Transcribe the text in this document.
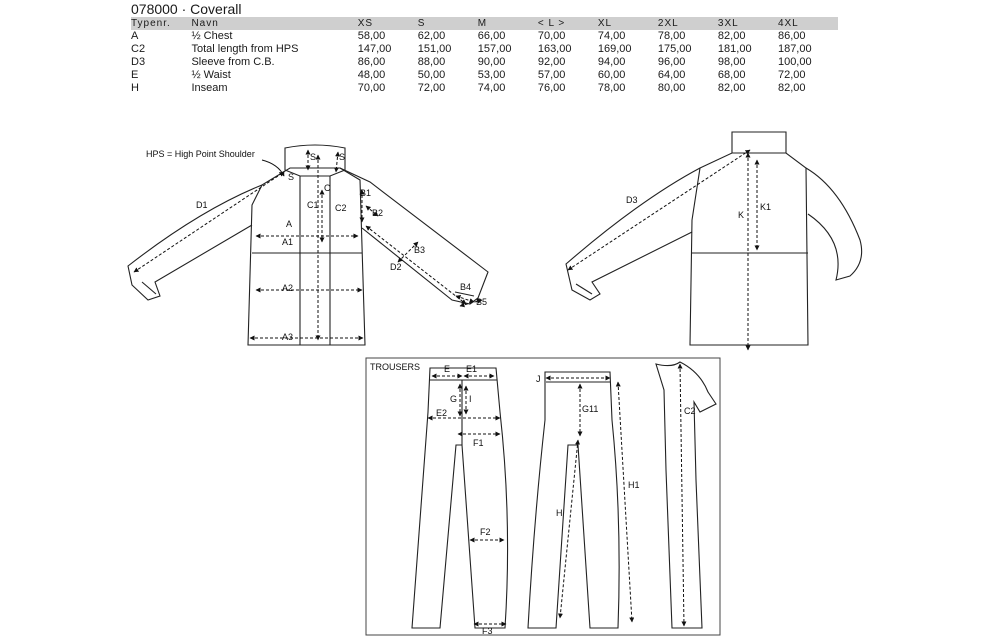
078000 · Coverall
Typenr.	Navn	XS	S	M	< L >	XL	2XL	3XL	4XL
A	½ Chest	58,00	62,00	66,00	70,00	74,00	78,00	82,00	86,00
C2	Total length from HPS	147,00	151,00	157,00	163,00	169,00	175,00	181,00	187,00
D3	Sleeve from C.B.	86,00	88,00	90,00	92,00	94,00	96,00	98,00	100,00
E	½ Waist	48,00	50,00	53,00	57,00	60,00	64,00	68,00	72,00
H	Inseam	70,00	72,00	74,00	76,00	78,00	80,00	82,00	82,00
HPS = High Point Shoulder	S	S
S
C
C1 C2
B1
B2
B3
D1
D2
A
A1
A2
A3
B4
B5
D3
K
K1
TROUSERS	E E1
E2
G I
F1
F2
F3
J
G11
H
H1
C2
